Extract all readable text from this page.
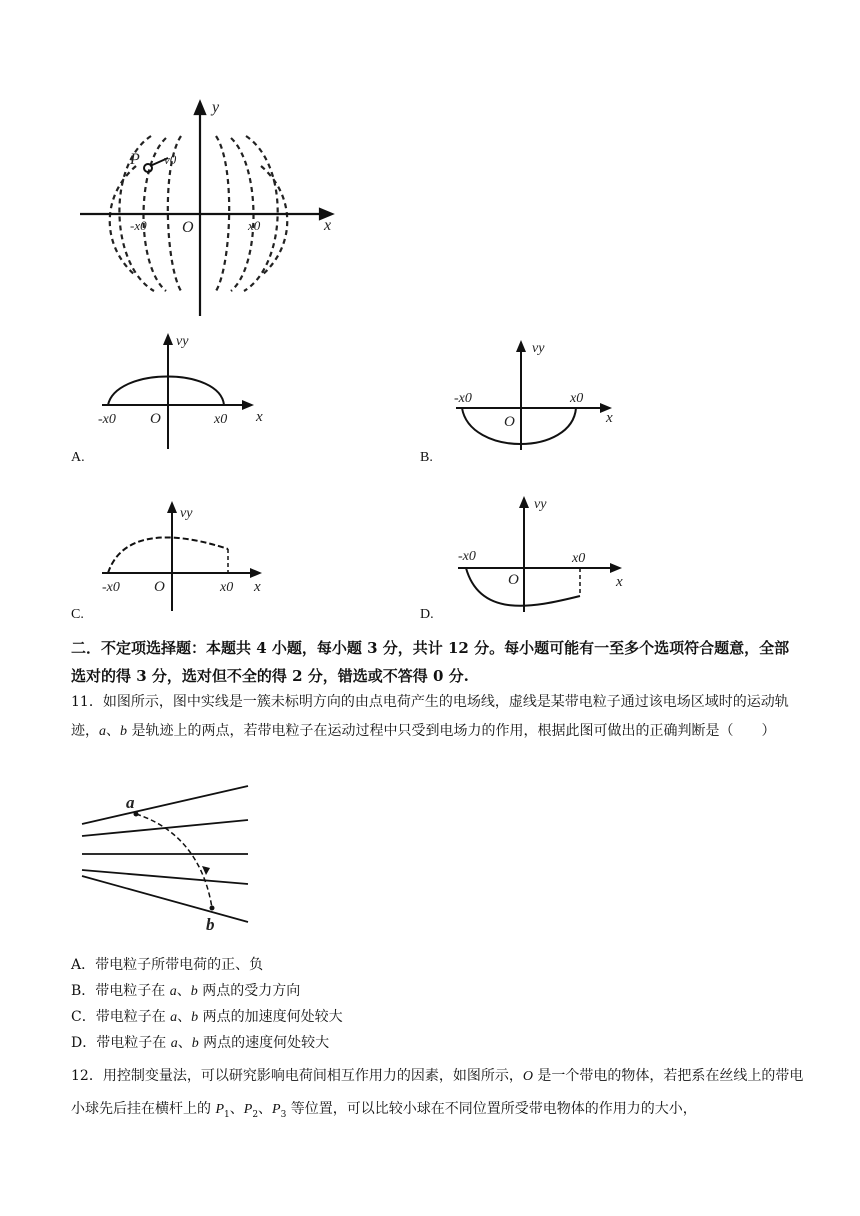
y
x
O
-x0	x0
P v0
vy
-x0 O	x0 x
A.
vy
-x0
O
x0
x
B.
vy
-x0 O	x0 x
C.
vy
-x0
O
x0
x
D.
二．不定项选择题：本题共 4 小题，每小题 3 分，共计 12 分。每小题可能有一至多个选项符合题意，全部选对的得 3 分，选对但不全的得 2 分，错选或不答得 0 分.
11．如图所示，图中实线是一簇未标明方向的由点电荷产生的电场线，虚线是某带电粒子通过该电场区域时的运动轨迹，a、b 是轨迹上的两点，若带电粒子在运动过程中只受到电场力的作用，根据此图可做出的正确判断是（　　）
a
b
A．带电粒子所带电荷的正、负
B．带电粒子在 a、b 两点的受力方向
C．带电粒子在 a、b 两点的加速度何处较大
D．带电粒子在 a、b 两点的速度何处较大
12．用控制变量法，可以研究影响电荷间相互作用力的因素，如图所示，O 是一个带电的物体，若把系在丝线上的带电小球先后挂在横杆上的 $P_1$、$P_2$、$P_3$ 等位置，可以比较小球在不同位置所受带电物体的作用力的大小，
